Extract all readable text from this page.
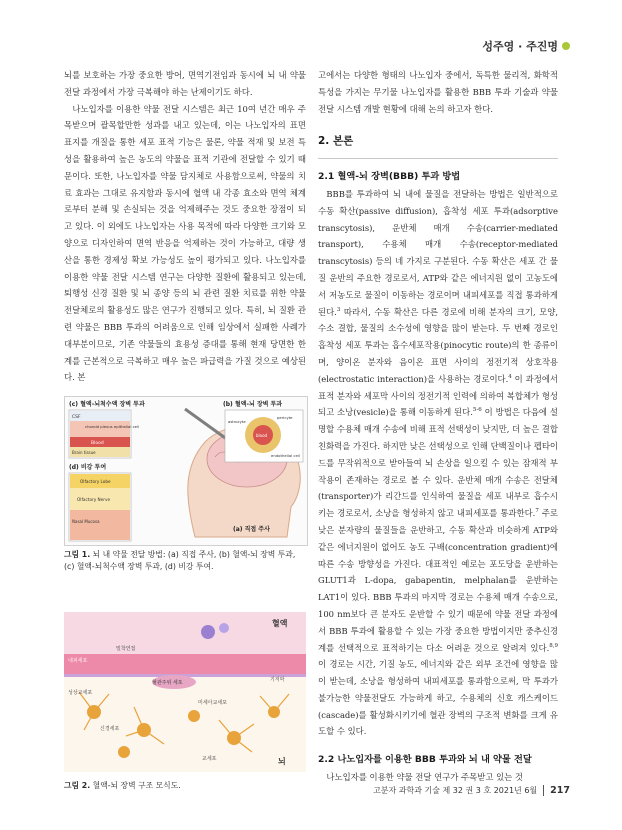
성주영 · 주진명

뇌를 보호하는 가장 중요한 방어, 면역기전임과 동시에 뇌 내 약물 전달 과정에서 가장 극복해야 하는 난제이기도 하다.

나노입자를 이용한 약물 전달 시스템은 최근 10여 년간 매우 주목받으며 괄목할만한 성과를 내고 있는데, 이는 나노입자의 표면 표지를 개질을 통한 세포 표적 기능은 물론, 약물 적재 및 보전 특성을 활용하여 높은 농도의 약물을 표적 기관에 전달할 수 있기 때문이다. 또한, 나노입자를 약물 담지체로 사용함으로써, 약물의 치료 효과는 그대로 유지함과 동시에 혈액 내 각종 효소와 면역 체계로부터 분해 및 손실되는 것을 억제해주는 것도 중요한 장점이 되고 있다. 이 외에도 나노입자는 사용 목적에 따라 다양한 크기와 모양으로 디자인하여 면역 반응을 억제하는 것이 가능하고, 대량 생산을 통한 경제성 확보 가능성도 높이 평가되고 있다. 나노입자를 이용한 약물 전달 시스템 연구는 다양한 질환에 활용되고 있는데, 퇴행성 신경 질환 및 뇌 종양 등의 뇌 관련 질환 치료를 위한 약물 전달체로의 활용성도 많은 연구가 진행되고 있다. 특히, 뇌 질환 관련 약물은 BBB 투과의 어려움으로 인해 임상에서 실패한 사례가 대부분이므로, 기존 약물들의 효용성 증대를 통해 현재 당면한 한계를 근본적으로 극복하고 매우 높은 파급력을 가질 것으로 예상된다. 본

(c) 혈액-뇌척수액 장벽 투과
CSF
choroid plexus epithelial cell
Blood
Brain tissue
(b) 혈액-뇌 장벽 투과
astrocyte
pericyte
blood
endothelial cell
(d) 비강 투여
Olfactory Lobe
Olfactory Nerve
Nasal Mucosa
(a) 직접 주사
그림 1. 뇌 내 약물 전달 방법: (a) 직접 주사, (b) 혈액-뇌 장벽 투과, (c) 혈액-뇌척수액 장벽 투과, (d) 비강 투여.
혈액
내피세포
밀착연접
기저막
혈관주위 세포
성상교세포
신경세포
미세아교세포
교세포	뇌
그림 2. 혈액-뇌 장벽 구조 모식도.

고에서는 다양한 형태의 나노입자 중에서, 독특한 물리적, 화학적 특성을 가지는 무기물 나노입자를 활용한 BBB 투과 기술과 약물 전달 시스템 개발 현황에 대해 논의 하고자 한다.

2. 본론
2.1 혈액-뇌 장벽(BBB) 투과 방법

BBB를 투과하여 뇌 내에 물질을 전달하는 방법은 일반적으로 수동 확산(passive diffusion), 흡착성 세포 투과(adsorptive transcytosis), 운반체 매개 수송(carrier-mediated transport), 수용체 매개 수송(receptor-mediated transcytosis) 등의 네 가지로 구분된다. 수동 확산은 세포 간 물질 운반의 주요한 경로로서, ATP와 같은 에너지원 없이 고농도에서 저농도로 물질이 이동하는 경로이며 내피세포를 직접 통과하게 된다.$^3$ 따라서, 수동 확산은 다른 경로에 비해 분자의 크기, 모양, 수소 결합, 물질의 소수성에 영향을 많이 받는다. 두 번째 경로인 흡착성 세포 투과는 흡수세포작용(pinocytic route)의 한 종류이며, 양이온 분자와 음이온 표면 사이의 정전기적 상호작용(electrostatic interaction)을 사용하는 경로이다.$^4$ 이 과정에서 표적 분자와 세포막 사이의 정전기적 인력에 의하여 복합체가 형성되고 소낭(vesicle)을 통해 이동하게 된다.$^{5-6}$ 이 방법은 다음에 설명할 수용체 매개 수송에 비해 표적 선택성이 낮지만, 더 높은 결합 친화력을 가진다. 하지만 낮은 선택성으로 인해 단백질이나 펩타이드를 무작위적으로 받아들여 뇌 손상을 일으킬 수 있는 잠재적 부작용이 존재하는 경로로 볼 수 있다. 운반체 매개 수송은 전달체(transporter)가 리간드를 인식하여 물질을 세포 내부로 흡수시키는 경로로서, 소낭을 형성하지 않고 내피세포를 통과한다.$^7$ 주로 낮은 분자량의 물질들을 운반하고, 수동 확산과 비슷하게 ATP와 같은 에너지원이 없어도 농도 구배(concentration gradient)에 따른 수송 방향성을 가진다. 대표적인 예로는 포도당을 운반하는 GLUT1과 L-dopa, gabapentin, melphalan를 운반하는 LAT1이 있다. BBB 투과의 마지막 경로는 수용체 매개 수송으로, 100 nm보다 큰 분자도 운반할 수 있기 때문에 약물 전달 과정에서 BBB 투과에 활용할 수 있는 가장 중요한 방법이지만 중추신경계를 선택적으로 표적하기는 다소 어려운 것으로 알려져 있다.$^{8,9}$ 이 경로는 시간, 기질 농도, 에너지와 같은 외부 조건에 영향을 많이 받는데, 소낭을 형성하여 내피세포를 통과함으로써, 막 투과가 불가능한 약물전달도 가능하게 하고, 수용체의 신호 캐스케이드(cascade)를 활성화시키기에 혈관 장벽의 구조적 변화를 크게 유도할 수 있다.

2.2 나노입자를 이용한 BBB 투과와 뇌 내 약물 전달

나노입자를 이용한 약물 전달 연구가 주목받고 있는 것

고분자 과학과 기술 제 32 권 3 호 2021년 6월	217
